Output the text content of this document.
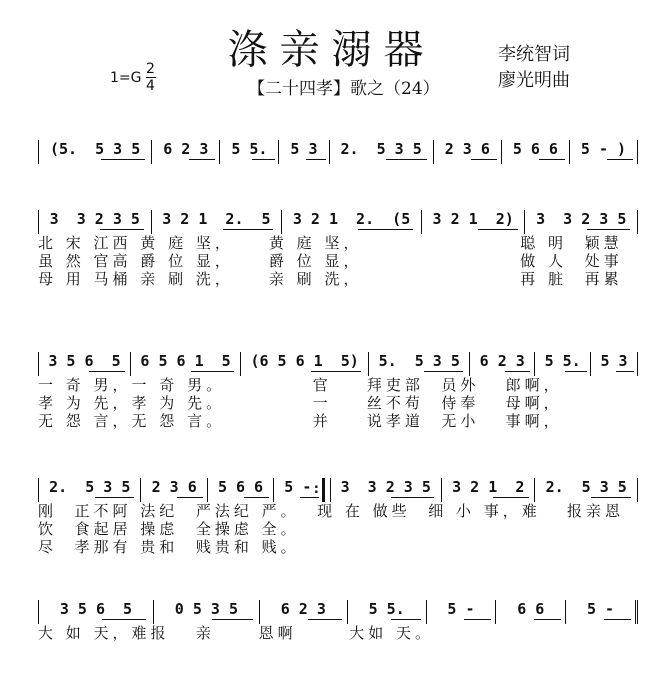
涤亲溺器
【二十四孝】歌之（24）
李统智词
廖光明曲
1=G
2
4
(5.  5 3 5 6 2 3 5 5. 5 3 2.  5 3 5 2 3 6 5 6 6 5 - )
3  3 2 3 5 3 2 1  2.  5 3 2 1  2.  (5 3 2 1  2) 3  3 2 3 5
北 宋 江西 黄 庭 坚，    黄 庭 坚，                  聪 明  颖慧
虽 然 官高 爵 位 显，    爵 位 显，                  做 人  处事
母 用 马桶 亲 刷 洗，    亲 刷 洗，                  再 脏  再累
3 5 6  5 6 5 6 1  5 (6 5 6 1  5) 5.  5 3 5 6 2 3 5 5. 5 3
一 奇 男，一 奇 男。          官    拜吏部  员外   郎啊，
孝 为 先，孝 为 先。          一    丝不苟  侍奉   母啊，
无 怨 言，无 怨 言。          并    说孝道  无小   事啊，
2.  5 3 5 2 3 6 5 6 6 5 -
: 3  3 2 3 5 3 2 1  2 2.  5 3 5
刚  正不阿 法纪  严法纪 严。  现 在 做些  细 小 事，难   报亲恩
饮  食起居 操虑  全操虑 全。
尽  孝那有 贵和  贱贵和 贱。
3 5 6  5	0 5 3 5	6 2 3	5 5.	5 -	6 6	5 -
大 如 天，难报   亲     恩啊      大如 天。
